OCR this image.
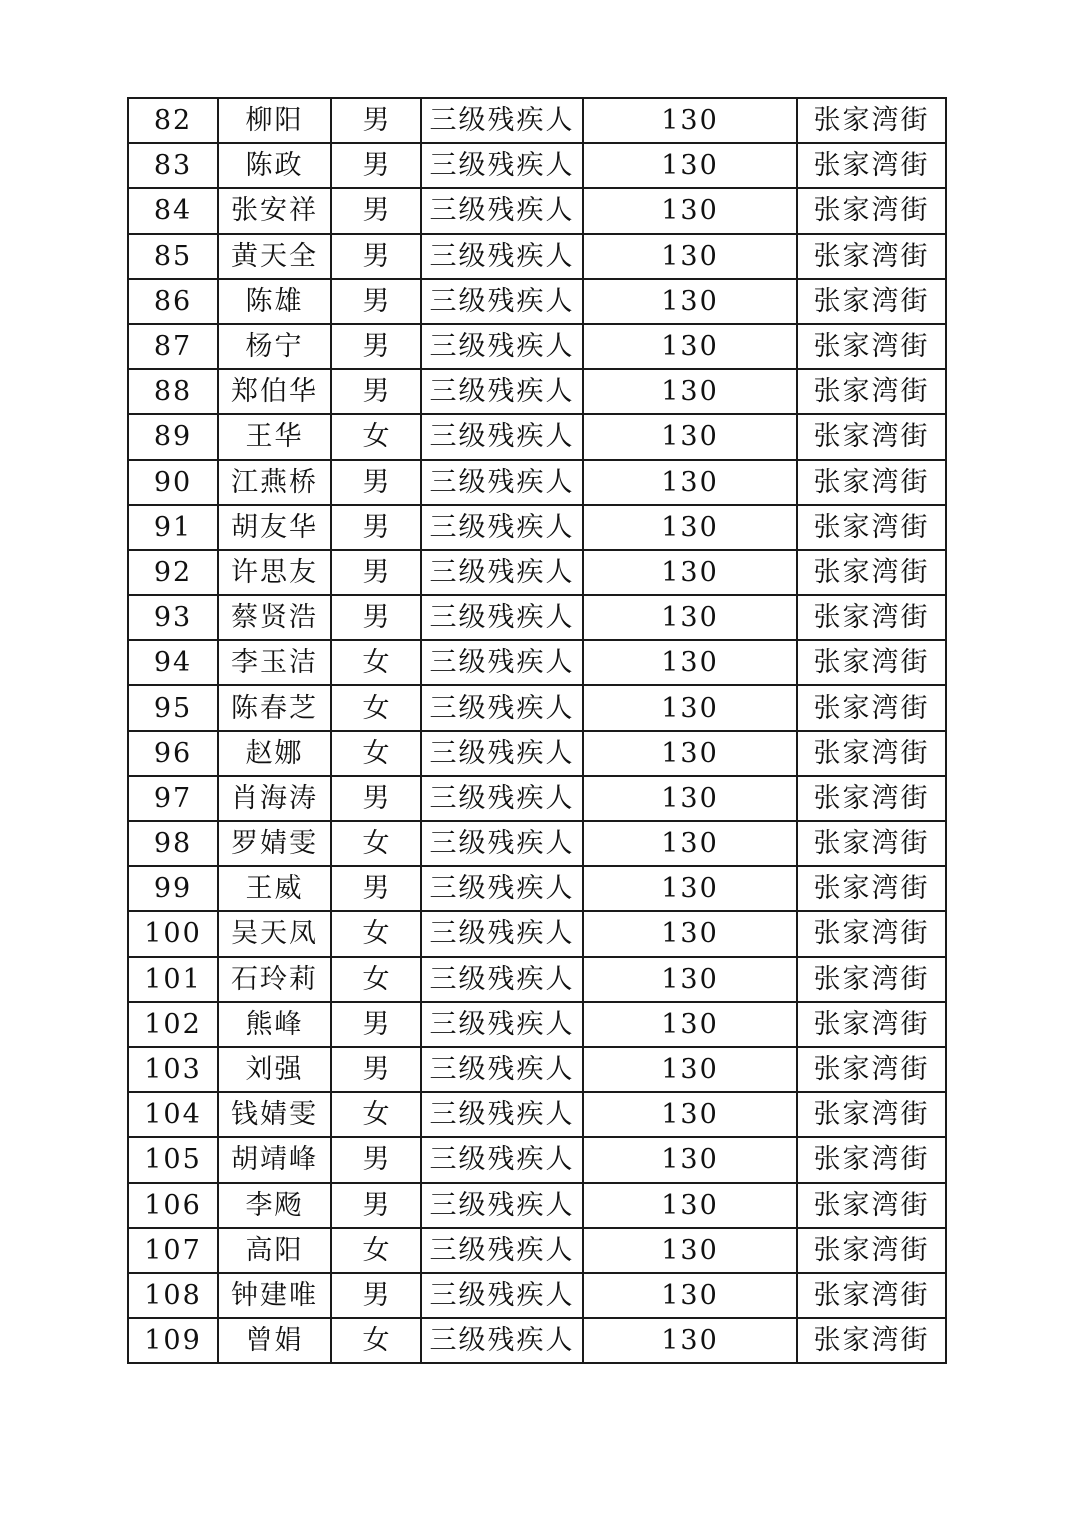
82	柳阳	男	三级残疾人	130	张家湾街
83	陈政	男	三级残疾人	130	张家湾街
84	张安祥	男	三级残疾人	130	张家湾街
85	黄天全	男	三级残疾人	130	张家湾街
86	陈雄	男	三级残疾人	130	张家湾街
87	杨宁	男	三级残疾人	130	张家湾街
88	郑伯华	男	三级残疾人	130	张家湾街
89	王华	女	三级残疾人	130	张家湾街
90	江燕桥	男	三级残疾人	130	张家湾街
91	胡友华	男	三级残疾人	130	张家湾街
92	许思友	男	三级残疾人	130	张家湾街
93	蔡贤浩	男	三级残疾人	130	张家湾街
94	李玉洁	女	三级残疾人	130	张家湾街
95	陈春芝	女	三级残疾人	130	张家湾街
96	赵娜	女	三级残疾人	130	张家湾街
97	肖海涛	男	三级残疾人	130	张家湾街
98	罗婧雯	女	三级残疾人	130	张家湾街
99	王威	男	三级残疾人	130	张家湾街
100	吴天凤	女	三级残疾人	130	张家湾街
101	石玲莉	女	三级残疾人	130	张家湾街
102	熊峰	男	三级残疾人	130	张家湾街
103	刘强	男	三级残疾人	130	张家湾街
104	钱婧雯	女	三级残疾人	130	张家湾街
105	胡靖峰	男	三级残疾人	130	张家湾街
106	李飏	男	三级残疾人	130	张家湾街
107	高阳	女	三级残疾人	130	张家湾街
108	钟建唯	男	三级残疾人	130	张家湾街
109	曾娟	女	三级残疾人	130	张家湾街
